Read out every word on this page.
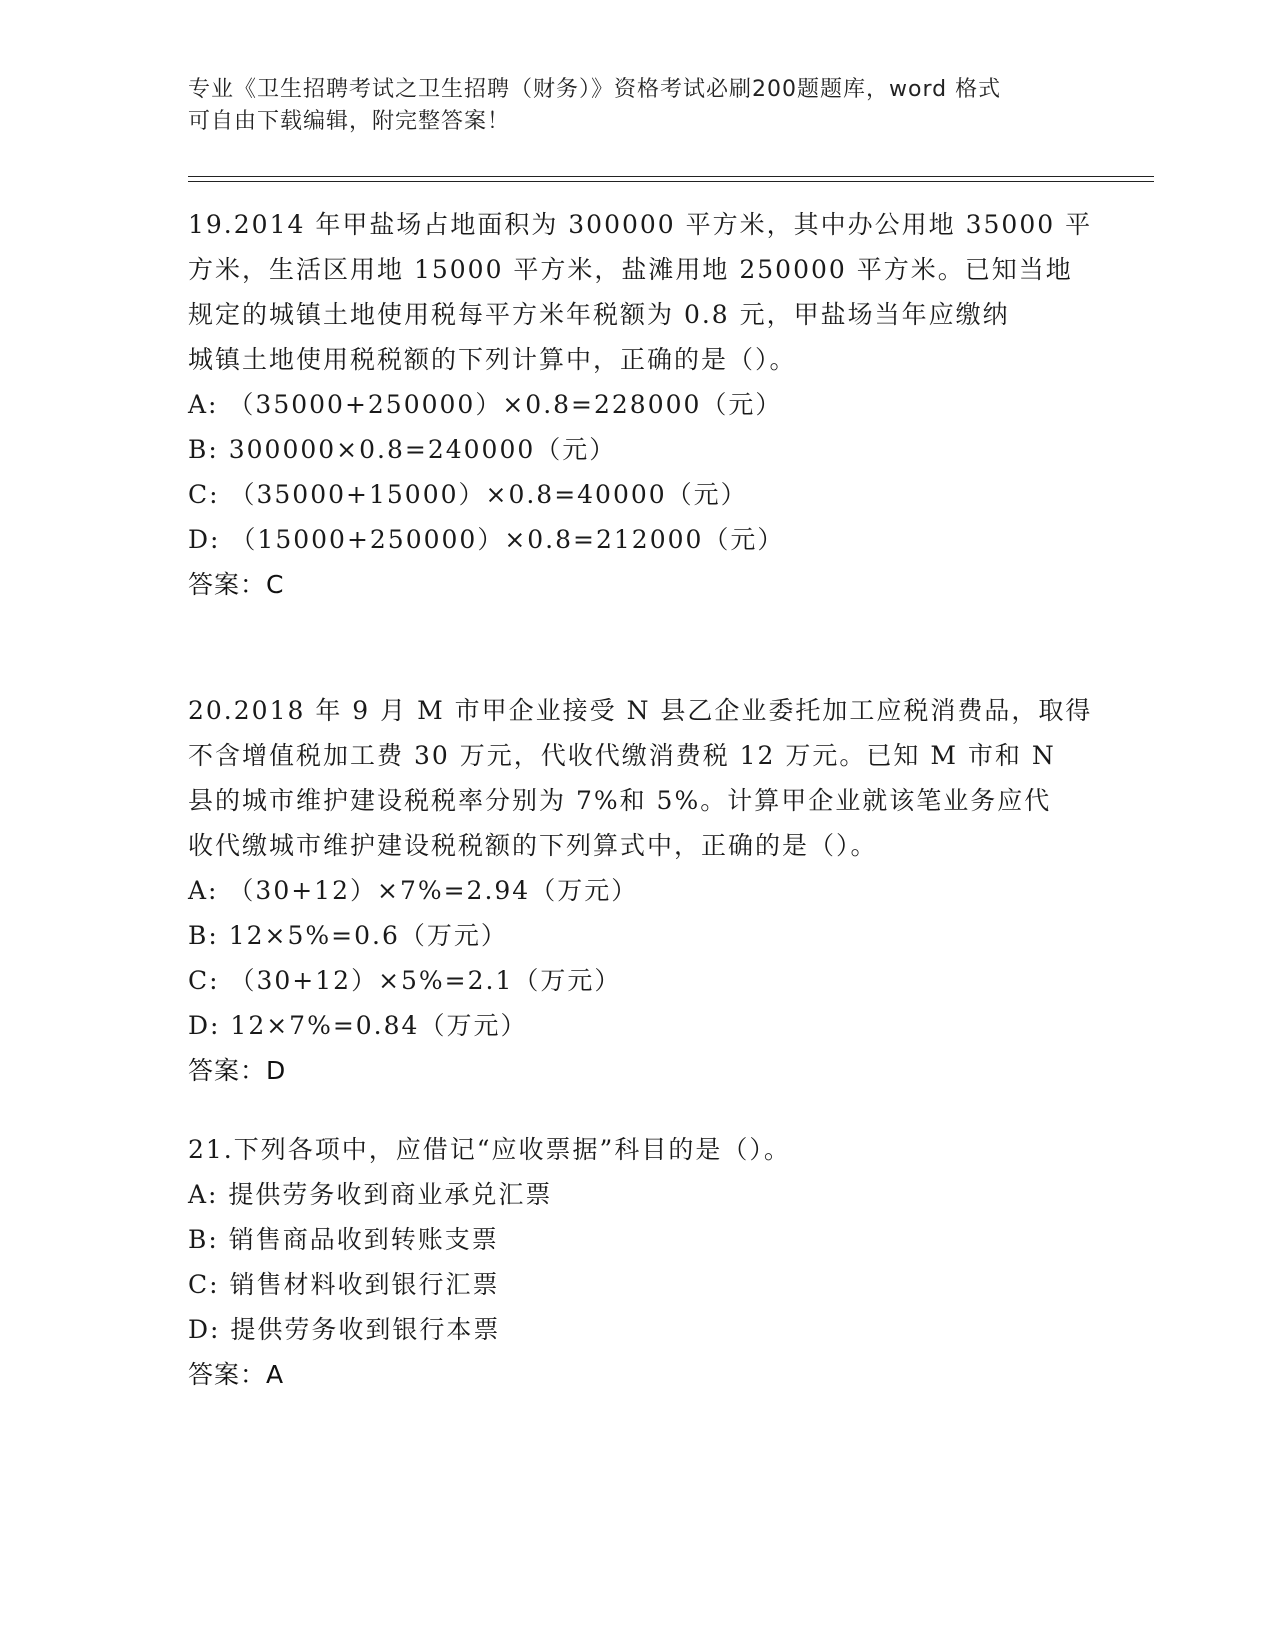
专业《卫生招聘考试之卫生招聘（财务）》资格考试必刷200题题库，word 格式
可自由下载编辑，附完整答案！
19.2014 年甲盐场占地面积为 300000 平方米，其中办公用地 35000 平
方米，生活区用地 15000 平方米，盐滩用地 250000 平方米。已知当地
规定的城镇土地使用税每平方米年税额为 0.8 元，甲盐场当年应缴纳
城镇土地使用税税额的下列计算中，正确的是（）。
A: （35000+250000）×0.8=228000（元）
B: 300000×0.8=240000（元）
C: （35000+15000）×0.8=40000（元）
D: （15000+250000）×0.8=212000（元）
答案：C
20.2018 年 9 月 M 市甲企业接受 N 县乙企业委托加工应税消费品，取得
不含增值税加工费 30 万元，代收代缴消费税 12 万元。已知 M 市和 N
县的城市维护建设税税率分别为 7%和 5%。计算甲企业就该笔业务应代
收代缴城市维护建设税税额的下列算式中，正确的是（）。
A: （30+12）×7%=2.94（万元）
B: 12×5%=0.6（万元）
C: （30+12）×5%=2.1（万元）
D: 12×7%=0.84（万元）
答案：D
21.下列各项中，应借记“应收票据”科目的是（）。
A: 提供劳务收到商业承兑汇票
B: 销售商品收到转账支票
C: 销售材料收到银行汇票
D: 提供劳务收到银行本票
答案：A
